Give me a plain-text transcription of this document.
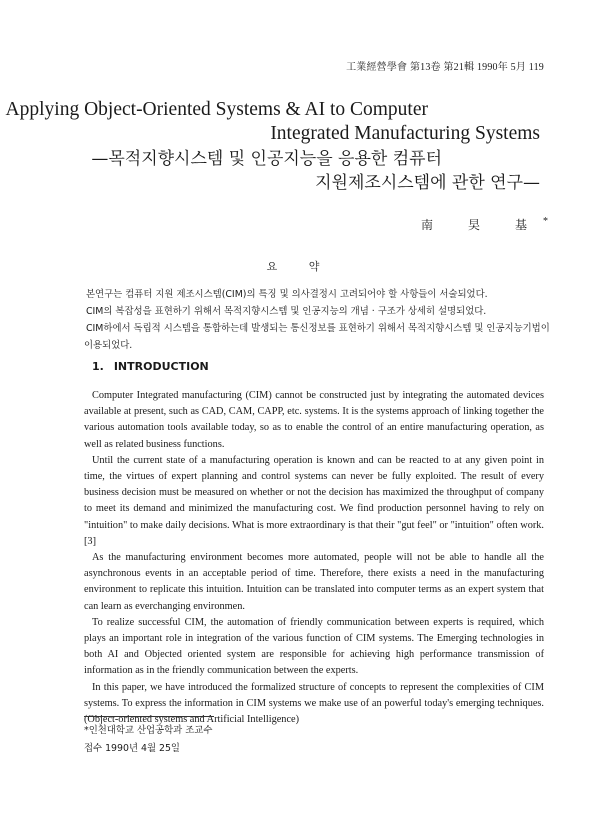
工業經營學會 第13卷 第21輯 1990年 5月 119
Applying Object-Oriented Systems & AI to Computer
Integrated Manufacturing Systems
—목적지향시스템 및 인공지능을 응용한 컴퓨터
지원제조시스템에 관한 연구—
南 旲 基*
요 약

본연구는 컴퓨터 지원 제조시스템(CIM)의 특징 및 의사결정시 고려되어야 할 사항들이 서술되었다.

CIM의 복잡성을 표현하기 위해서 목적지향시스템 및 인공지능의 개념 · 구조가 상세히 설명되었다.

CIM하에서 독립적 시스템을 통합하는데 발생되는 통신정보를 표현하기 위해서 목적지향시스템 및 인공지능기법이 이용되었다.

1. INTRODUCTION

Computer Integrated manufacturing (CIM) cannot be constructed just by integrating the automated devices available at present, such as CAD, CAM, CAPP, etc. systems. It is the systems approach of linking together the various automation tools available today, so as to enable the control of an entire manufacturing operation, as well as related business functions.

Until the current state of a manufacturing operation is known and can be reacted to at any given point in time, the virtues of expert planning and control systems can never be fully exploited. The result of every business decision must be measured on whether or not the decision has maximized the throughput of company to meet its demand and minimized the manufacturing cost. We find production personnel having to rely on "intuition" to make daily decisions. What is more extraordinary is that their "gut feel" or "intuition" often work.[3]

As the manufacturing environment becomes more automated, people will not be able to handle all the asynchronous events in an acceptable period of time. Therefore, there exists a need in the manufacturing environment to replicate this intuition. Intuition can be translated into computer terms as an expert system that can learn as everchanging environmen.

To realize successful CIM, the automation of friendly communication between experts is required, which plays an important role in integration of the various function of CIM systems. The Emerging technologies in both AI and Objected oriented system are responsible for achieving high performance transmission of information as in the friendly communication between the experts.

In this paper, we have introduced the formalized structure of concepts to represent the complexities of CIM systems. To express the information in CIM systems we make use of an powerful today's emerging techniques. (Object-oriented systems and Artificial Intelligence)

*인천대학교 산업공학과 조교수
접수 1990년 4월 25일
